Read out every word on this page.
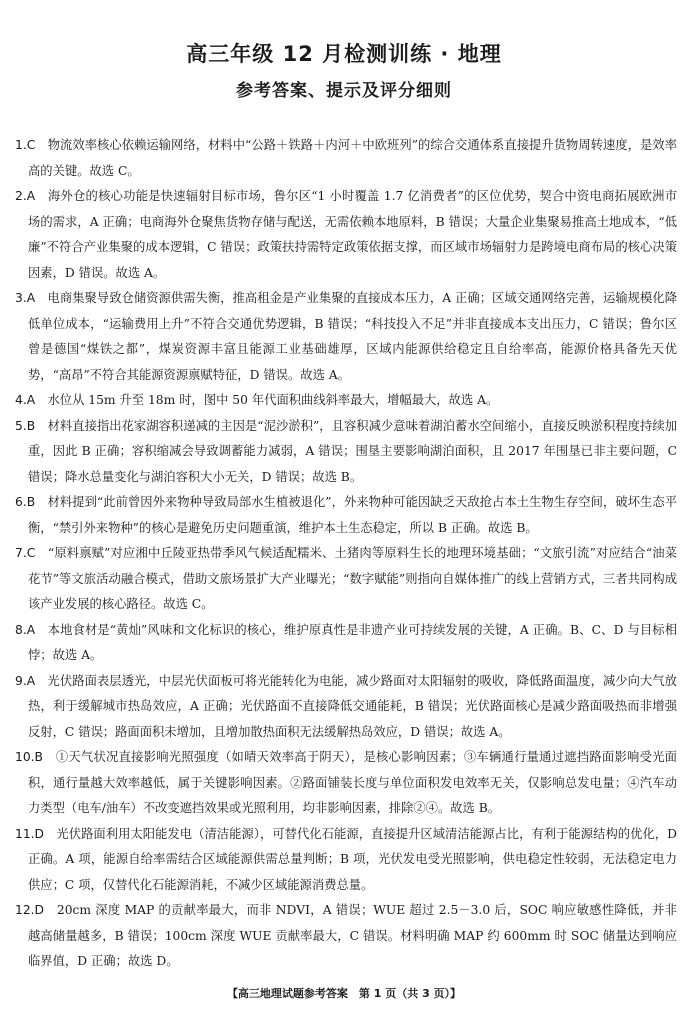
高三年级 12 月检测训练 · 地理
参考答案、提示及评分细则

1.C　 物流效率核心依赖运输网络，材料中“公路＋铁路＋内河＋中欧班列”的综合交通体系直接提升货物周转速度，是效率高的关键。故选 C。

2.A　 海外仓的核心功能是快速辐射目标市场，鲁尔区“1 小时覆盖 1.7 亿消费者”的区位优势，契合中资电商拓展欧洲市场的需求，A 正确；电商海外仓聚焦货物存储与配送，无需依赖本地原料，B 错误；大量企业集聚易推高土地成本，“低廉”不符合产业集聚的成本逻辑，C 错误；政策扶持需特定政策依据支撑，而区域市场辐射力是跨境电商布局的核心决策因素，D 错误。故选 A。

3.A　 电商集聚导致仓储资源供需失衡，推高租金是产业集聚的直接成本压力，A 正确；区域交通网络完善，运输规模化降低单位成本，“运输费用上升”不符合交通优势逻辑，B 错误；“科技投入不足”并非直接成本支出压力，C 错误；鲁尔区曾是德国“煤铁之都”，煤炭资源丰富且能源工业基础雄厚，区域内能源供给稳定且自给率高，能源价格具备先天优势，“高昂”不符合其能源资源禀赋特征，D 错误。故选 A。

4.A　 水位从 15m 升至 18m 时，图中 50 年代面积曲线斜率最大，增幅最大，故选 A。

5.B　 材料直接指出花家湖容积递减的主因是“泥沙淤积”，且容积减少意味着湖泊蓄水空间缩小，直接反映淤积程度持续加重，因此 B 正确；容积缩减会导致调蓄能力减弱，A 错误；围垦主要影响湖泊面积，且 2017 年围垦已非主要问题，C 错误；降水总量变化与湖泊容积大小无关，D 错误；故选 B。

6.B　 材料提到“此前曾因外来物种导致局部水生植被退化”，外来物种可能因缺乏天敌抢占本土生物生存空间，破坏生态平衡，“禁引外来物种”的核心是避免历史问题重演，维护本土生态稳定，所以 B 正确。故选 B。

7.C　 “原料禀赋”对应湘中丘陵亚热带季风气候适配糯米、土猪肉等原料生长的地理环境基础；“文旅引流”对应结合“油菜花节”等文旅活动融合模式，借助文旅场景扩大产业曝光；“数字赋能”则指向自媒体推广的线上营销方式，三者共同构成该产业发展的核心路径。故选 C。

8.A　 本地食材是“黄灿”风味和文化标识的核心，维护原真性是非遗产业可持续发展的关键，A 正确。B、C、D 与目标相悖；故选 A。

9.A　 光伏路面表层透光，中层光伏面板可将光能转化为电能，减少路面对太阳辐射的吸收，降低路面温度，减少向大气放热，利于缓解城市热岛效应，A 正确；光伏路面不直接降低交通能耗，B 错误；光伏路面核心是减少路面吸热而非增强反射，C 错误；路面面积未增加，且增加散热面积无法缓解热岛效应，D 错误；故选 A。

10.B　 ①天气状况直接影响光照强度（如晴天效率高于阴天），是核心影响因素；③车辆通行量通过遮挡路面影响受光面积，通行量越大效率越低，属于关键影响因素。②路面铺装长度与单位面积发电效率无关，仅影响总发电量；④汽车动力类型（电车/油车）不改变遮挡效果或光照利用，均非影响因素，排除②④。故选 B。

11.D　 光伏路面利用太阳能发电（清洁能源），可替代化石能源，直接提升区域清洁能源占比，有利于能源结构的优化，D 正确。A 项，能源自给率需结合区域能源供需总量判断；B 项，光伏发电受光照影响，供电稳定性较弱，无法稳定电力供应；C 项，仅替代化石能源消耗，不减少区域能源消费总量。

12.D　 20cm 深度 MAP 的贡献率最大，而非 NDVI，A 错误；WUE 超过 2.5－3.0 后，SOC 响应敏感性降低，并非越高储量越多，B 错误；100cm 深度 WUE 贡献率最大，C 错误。材料明确 MAP 约 600mm 时 SOC 储量达到响应临界值，D 正确；故选 D。

【高三地理试题参考答案　第 1 页（共 3 页）】
